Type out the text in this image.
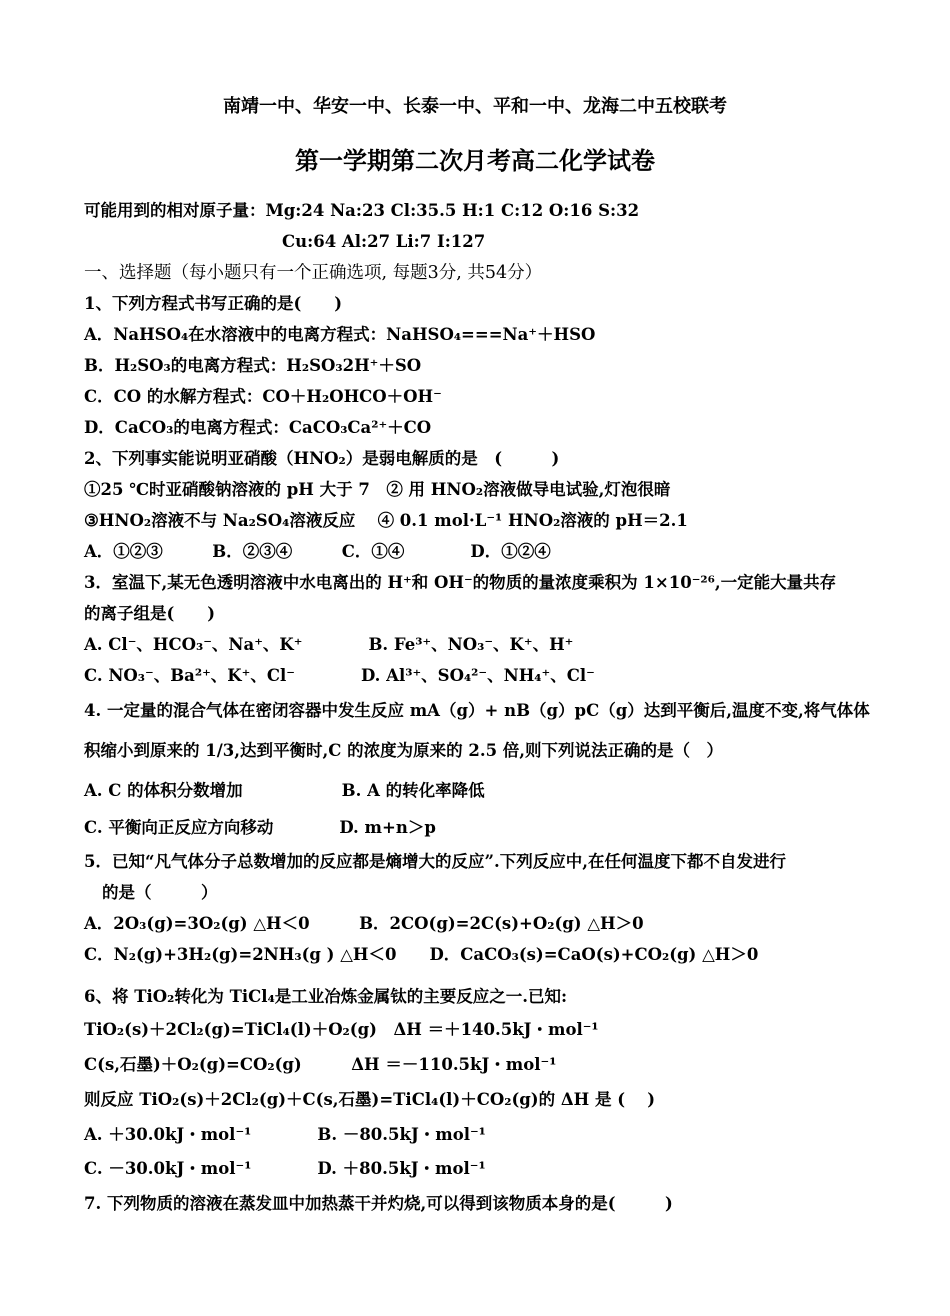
南靖一中、华安一中、长泰一中、平和一中、龙海二中五校联考
第一学期第二次月考高二化学试卷
可能用到的相对原子量：Mg:24 Na:23 Cl:35.5 H:1 C:12 O:16 S:32
Cu:64 Al:27 Li:7 I:127
一、选择题（每小题只有一个正确选项, 每题3分, 共54分）
1、下列方程式书写正确的是(　　)
A．NaHSO₄在水溶液中的电离方程式：NaHSO₄===Na⁺＋HSO
B．H₂SO₃的电离方程式：H₂SO₃2H⁺＋SO
C．CO 的水解方程式：CO＋H₂OHCO＋OH⁻
D．CaCO₃的电离方程式：CaCO₃Ca²⁺＋CO
2、下列事实能说明亚硝酸（HNO₂）是弱电解质的是　(　　　)
①25 ℃时亚硝酸钠溶液的 pH 大于 7　② 用 HNO₂溶液做导电试验,灯泡很暗
③HNO₂溶液不与 Na₂SO₄溶液反应　 ④ 0.1 mol·L⁻¹ HNO₂溶液的 pH＝2.1
A．①②③　　　B．②③④　　　C．①④　　　　D．①②④
3．室温下,某无色透明溶液中水电离出的 H⁺和 OH⁻的物质的量浓度乘积为 1×10⁻²⁶,一定能大量共存
的离子组是(　　)
A. Cl⁻、HCO₃⁻、Na⁺、K⁺　　　　B. Fe³⁺、NO₃⁻、K⁺、H⁺
C. NO₃⁻、Ba²⁺、K⁺、Cl⁻　　　　D. Al³⁺、SO₄²⁻、NH₄⁺、Cl⁻
4. 一定量的混合气体在密闭容器中发生反应 mA（g）+ nB（g）pC（g）达到平衡后,温度不变,将气体体
积缩小到原来的 1/3,达到平衡时,C 的浓度为原来的 2.5 倍,则下列说法正确的是（　）
A. C 的体积分数增加　　　　　　B. A 的转化率降低
C. 平衡向正反应方向移动　　　　D. m+n＞p
5．已知“凡气体分子总数增加的反应都是熵增大的反应”.下列反应中,在任何温度下都不自发进行
的是（　　　）
A．2O₃(g)=3O₂(g) △H＜0　　　B．2CO(g)=2C(s)+O₂(g) △H＞0
C．N₂(g)+3H₂(g)=2NH₃(g ) △H＜0　　D．CaCO₃(s)=CaO(s)+CO₂(g) △H＞0
6、将 TiO₂转化为 TiCl₄是工业冶炼金属钛的主要反应之一.已知:
TiO₂(s)＋2Cl₂(g)=TiCl₄(l)＋O₂(g)　ΔH ＝＋140.5kJ・mol⁻¹
C(s,石墨)＋O₂(g)=CO₂(g)　　　ΔH ＝－110.5kJ・mol⁻¹
则反应 TiO₂(s)＋2Cl₂(g)＋C(s,石墨)=TiCl₄(l)＋CO₂(g)的 ΔH 是 (　 )
A. ＋30.0kJ・mol⁻¹　　　　B. －80.5kJ・mol⁻¹
C. －30.0kJ・mol⁻¹　　　　D. ＋80.5kJ・mol⁻¹
7. 下列物质的溶液在蒸发皿中加热蒸干并灼烧,可以得到该物质本身的是(　　　)
